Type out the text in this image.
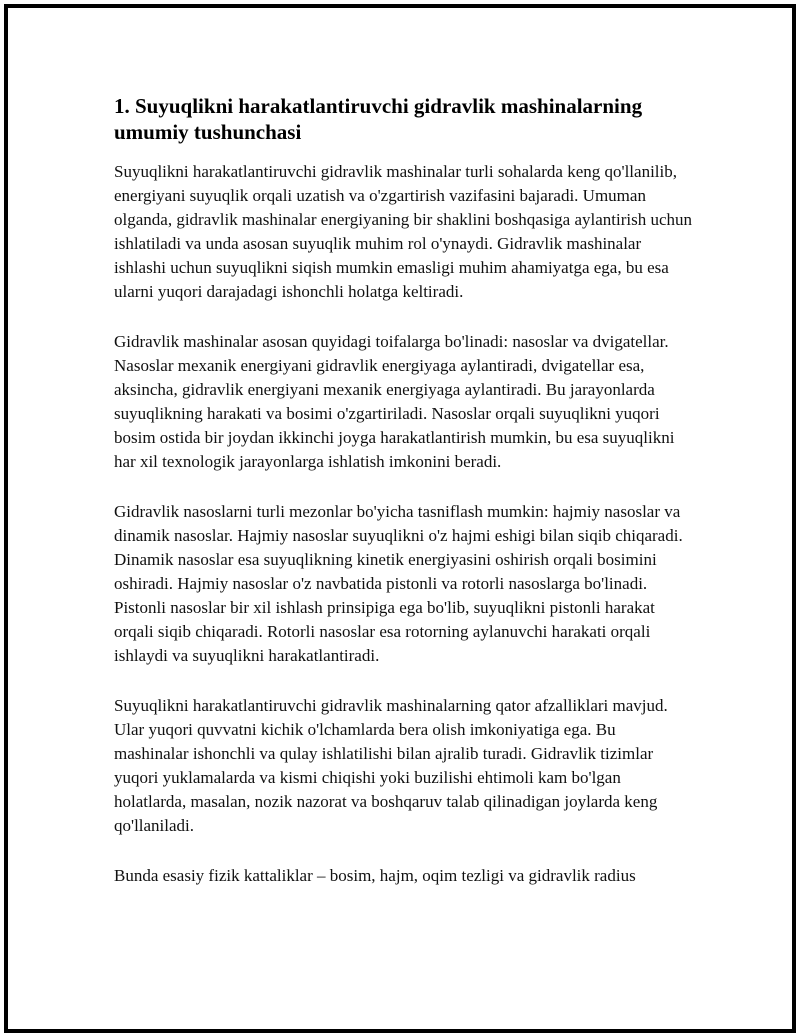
1. Suyuqlikni harakatlantiruvchi gidravlik mashinalarning umumiy tushunchasi

Suyuqlikni harakatlantiruvchi gidravlik mashinalar turli sohalarda keng qo'llanilib, energiyani suyuqlik orqali uzatish va o'zgartirish vazifasini bajaradi. Umuman olganda, gidravlik mashinalar energiyaning bir shaklini boshqasiga aylantirish uchun ishlatiladi va unda asosan suyuqlik muhim rol o'ynaydi. Gidravlik mashinalar ishlashi uchun suyuqlikni siqish mumkin emasligi muhim ahamiyatga ega, bu esa ularni yuqori darajadagi ishonchli holatga keltiradi.

Gidravlik mashinalar asosan quyidagi toifalarga bo'linadi: nasoslar va dvigatellar. Nasoslar mexanik energiyani gidravlik energiyaga aylantiradi, dvigatellar esa, aksincha, gidravlik energiyani mexanik energiyaga aylantiradi. Bu jarayonlarda suyuqlikning harakati va bosimi o'zgartiriladi. Nasoslar orqali suyuqlikni yuqori bosim ostida bir joydan ikkinchi joyga harakatlantirish mumkin, bu esa suyuqlikni har xil texnologik jarayonlarga ishlatish imkonini beradi.

Gidravlik nasoslarni turli mezonlar bo'yicha tasniflash mumkin: hajmiy nasoslar va dinamik nasoslar. Hajmiy nasoslar suyuqlikni o'z hajmi eshigi bilan siqib chiqaradi. Dinamik nasoslar esa suyuqlikning kinetik energiyasini oshirish orqali bosimini oshiradi. Hajmiy nasoslar o'z navbatida pistonli va rotorli nasoslarga bo'linadi. Pistonli nasoslar bir xil ishlash prinsipiga ega bo'lib, suyuqlikni pistonli harakat orqali siqib chiqaradi. Rotorli nasoslar esa rotorning aylanuvchi harakati orqali ishlaydi va suyuqlikni harakatlantiradi.

Suyuqlikni harakatlantiruvchi gidravlik mashinalarning qator afzalliklari mavjud. Ular yuqori quvvatni kichik o'lchamlarda bera olish imkoniyatiga ega. Bu mashinalar ishonchli va qulay ishlatilishi bilan ajralib turadi. Gidravlik tizimlar yuqori yuklamalarda va kismi chiqishi yoki buzilishi ehtimoli kam bo'lgan holatlarda, masalan, nozik nazorat va boshqaruv talab qilinadigan joylarda keng qo'llaniladi.

Bunda esasiy fizik kattaliklar – bosim, hajm, oqim tezligi va gidravlik radius
